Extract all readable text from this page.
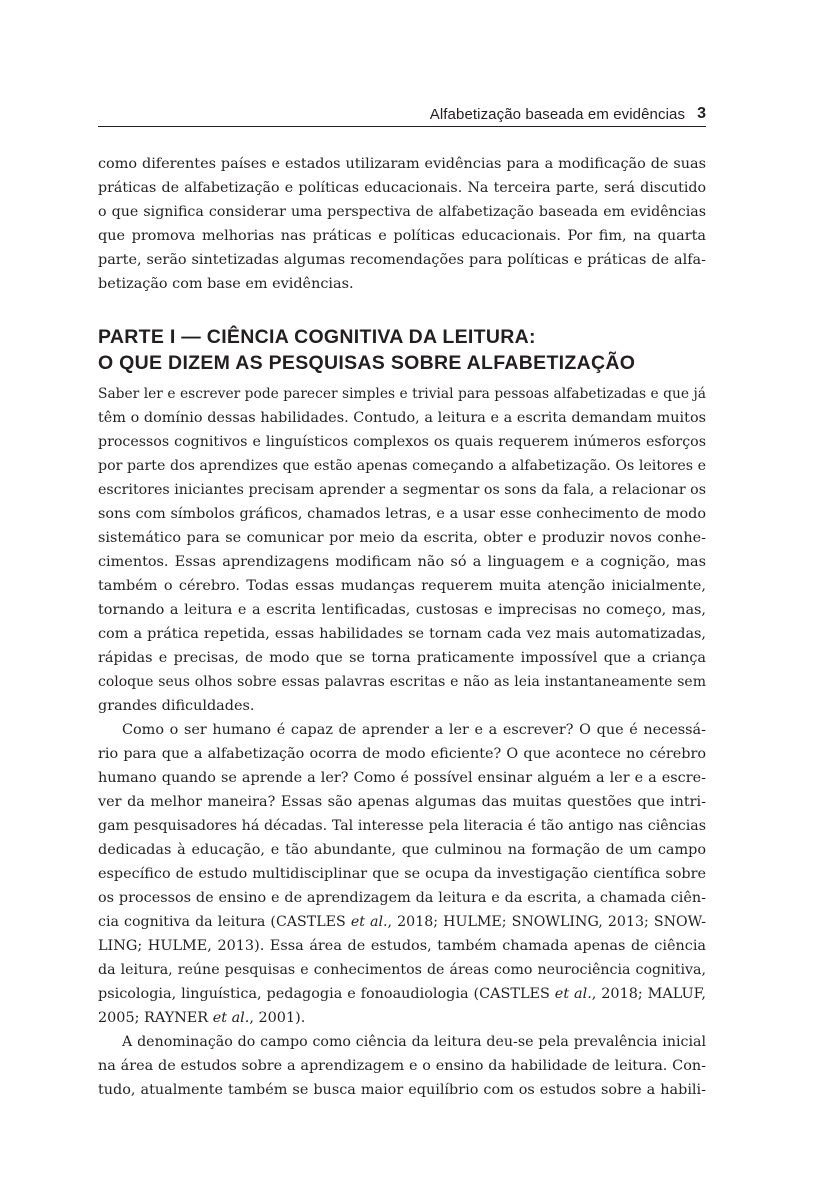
Alfabetização baseada em evidências 3

como diferentes países e estados utilizaram evidências para a modificação de suas
práticas de alfabetização e políticas educacionais. Na terceira parte, será discutido
o que significa considerar uma perspectiva de alfabetização baseada em evidências
que promova melhorias nas práticas e políticas educacionais. Por fim, na quarta
parte, serão sintetizadas algumas recomendações para políticas e práticas de alfa-
betização com base em evidências.

PARTE I — CIÊNCIA COGNITIVA DA LEITURA:
O QUE DIZEM AS PESQUISAS SOBRE ALFABETIZAÇÃO

Saber ler e escrever pode parecer simples e trivial para pessoas alfabetizadas e que já
têm o domínio dessas habilidades. Contudo, a leitura e a escrita demandam muitos
processos cognitivos e linguísticos complexos os quais requerem inúmeros esforços
por parte dos aprendizes que estão apenas começando a alfabetização. Os leitores e
escritores iniciantes precisam aprender a segmentar os sons da fala, a relacionar os
sons com símbolos gráficos, chamados letras, e a usar esse conhecimento de modo
sistemático para se comunicar por meio da escrita, obter e produzir novos conhe-
cimentos. Essas aprendizagens modificam não só a linguagem e a cognição, mas
também o cérebro. Todas essas mudanças requerem muita atenção inicialmente,
tornando a leitura e a escrita lentificadas, custosas e imprecisas no começo, mas,
com a prática repetida, essas habilidades se tornam cada vez mais automatizadas,
rápidas e precisas, de modo que se torna praticamente impossível que a criança
coloque seus olhos sobre essas palavras escritas e não as leia instantaneamente sem
grandes dificuldades.

Como o ser humano é capaz de aprender a ler e a escrever? O que é necessá-
rio para que a alfabetização ocorra de modo eficiente? O que acontece no cérebro
humano quando se aprende a ler? Como é possível ensinar alguém a ler e a escre-
ver da melhor maneira? Essas são apenas algumas das muitas questões que intri-
gam pesquisadores há décadas. Tal interesse pela literacia é tão antigo nas ciências
dedicadas à educação, e tão abundante, que culminou na formação de um campo
específico de estudo multidisciplinar que se ocupa da investigação científica sobre
os processos de ensino e de aprendizagem da leitura e da escrita, a chamada ciên-
cia cognitiva da leitura (CASTLES et al., 2018; HULME; SNOWLING, 2013; SNOW-
LING; HULME, 2013). Essa área de estudos, também chamada apenas de ciência
da leitura, reúne pesquisas e conhecimentos de áreas como neurociência cognitiva,
psicologia, linguística, pedagogia e fonoaudiologia (CASTLES et al., 2018; MALUF,
2005; RAYNER et al., 2001).

A denominação do campo como ciência da leitura deu-se pela prevalência inicial
na área de estudos sobre a aprendizagem e o ensino da habilidade de leitura. Con-
tudo, atualmente também se busca maior equilíbrio com os estudos sobre a habili-
